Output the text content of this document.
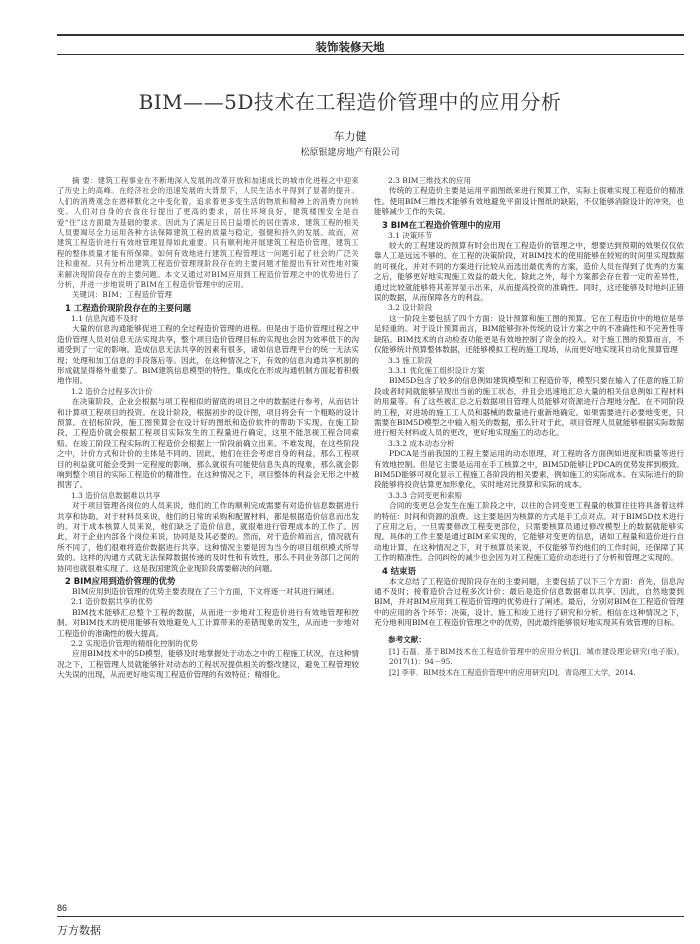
装饰装修天地
BIM——5D技术在工程造价管理中的应用分析
车力健
松原银建房地产有限公司

摘 要：建筑工程事业在不断地深入发展的改革开放和加速成长的城市化进程之中迎来了历史上的高峰。在经济社会的迅速发展的大背景下，人民生活水平得到了显著的提升。人们的消费观念在潜移默化之中变化着，追求着更多变生活的物质和精神上的消费方向转变。人们对自身的衣食住行提出了更高的要求，居住环境良好，建筑楼围安全是自爱“住”这方面最为基础的要求。因此为了满足日民日益增长的居住需求，建筑工程的相关人员要竭尽全力运用各种方法保障建筑工程的质量与稳定，强健和持久的发展。故而，对建筑工程造价进行有效地管理显得如此重要。只有顺利地开展建筑工程造价管理，建筑工程的整体质量才能有所保障。如何有效地进行建筑工程管理这一问题引起了社会的广泛关注和重视。只有分析出建筑工程造价管理现阶段存在的主要问题才能提出有针对性地对策来解决现阶段存在的主要问题。本文又通过对BIM应用到工程造价管理之中的优势进行了分析，并进一步地说明了BIM在工程造价管理中的应用。

关键词：BIM；工程造价管理

1 工程造价现阶段存在的主要问题
1.1 信息沟通不及时

大量的信息沟通能够促进工程的全过程造价管理的进程。但是由于造价管理过程之中造价管理人员对信息无法实现共享，整个项目造价管理目标的实现也会因为效率低下的沟通受到了一定的影响。造成信息无法共享的因素有很多，诸如信息管理平台的统一无法实现；处理和加工信息的手段落后等。因此，在这种情况之下，有效的信息沟通共享机制的形成就显得格外重要了。BIM建筑信息模型的特性，集成化在形成沟通机制方面起着积极地作用。

1.2 造价合过程多次计价

在决策阶段，企业会根据与项工程相似的留底的项目之中的数据进行参考，从而估计和计算项工程项目的投资。在设计阶段，根据初步的设计图，项目将会有一个粗略的设计预算。在招标阶段，施工图预算会在设计好的图纸和造价软件的帮助下实现。在施工阶段，工程造价就会根据工程项目实际发生的工程量进行确定，这里不能忽视工程合同索赔。在竣工阶段工程实际的工程造价会根据上一阶段前确立出来。不难发现，在这些阶段之中，计价方式和计价的主体是不同的，因此，他们在往会考虑自身的利益，那么工程项目的利益就可能会受到一定程度的影响，那么就很有可能使信息失真的现象，那么就会影响到整个项目的实际工程造价的精准性。在这种情况之下，项目整体的利益会无形之中被损害了。

1.3 造价信息数据难以共享

对于项目管理各岗位的人员来说，他们的工作的顺利完成需要有对造价信息数据进行共享和协助。对于材料员来说，他们的日常的采购和配置材料，都是根据造价信息而出发的。对于成本核算人员来说，他们缺乏了造价信息，就很难进行管理成本的工作了。因此，对于企业内部各个岗位来说，协同是及其必要的。然而，对于造价师而言，情况就有所不同了，他们很难将造价数据进行共享。这种情况主要是因为当今的项目组织模式所导致的。这样的沟通方式就无法保障数据传递的及时性和有效性，那么不同业务部门之间的协同也就很难实现了。这是我国建筑企业现阶段需要解决的问题。

2 BIM应用到造价管理的优势

BIM应用到造价管理的优势主要表现在了三个方面，下文将逐一对其进行阐述。

2.1 造价数据共享的优势

BIM技术能够汇总整个工程的数据，从而进一步地对工程造价进行有效地管理和控制。对BIM技术的使用能够有效地避免人工计算带来的差错现象的发生，从而进一步地对工程造价的准确性的极大提高。

2.2 实现造价管理的精细化控制的优势

应用BIM技术中的5D模型，能够及时地掌握处于动态之中的工程施工状况，在这种情况之下，工程管理人员就能够针对动态的工程状况提供相关的整改建议，避免工程管理较大失误的出现，从而更好地实现工程造价管理的有效特征；精细化。

2.3 BIM三维技术的应用

传统的工程造价主要是运用平面图纸来进行预算工作，实际上很难实现工程造价的精准性。使用BIM三维技术能够有效地避免平面设计图纸的缺陷，不仅能够消除设计的冲突，也能够减少工作的失误。

3 BIM在工程造价管理中的应用
3.1 决策环节

较大的工程建设的预算有时会出现在工程造价的管理之中，想要达到预期的效果仅仅依靠人工是远远不够的。在工程的决策阶段，对BIM技术的使用能够在较短的时间里实现数据的可视化，并对不同的方案进行比较从而选出最优秀的方案，造价人员在得到了优秀的方案之后，能够更好地实现施工效益的最大化。除此之外，每个方案都会存在着一定的差异性，通过比较就能够将其差异显示出来，从而提高投资的准确性。同时，这还能够及时地纠正错误的数据，从而保障各方的利益。

3.2 设计阶段

这一阶段主要包括了四个方面：设计预算和施工图的预算。它在工程造价中的地位是举足轻重的。对于设计预算而言，BIM能够弥补传统的设计方案之中的不准确性和不完善性等缺陷。BIM技术的自动检查功能更是有效地控制了资金的投入。对于施工图的预算而言，不仅能够统计预算整体数据，还能够模拟工程的施工现场，从而更好地实现其自动化预算管理

3.3 施工阶段
3.3.1 优化施工组织设计方案

BIM5D包含了较多的信息例如建筑模型和工程造价等，模型只要在输入了任意的施工阶段或者时间就能够呈现出当前的施工状态，并且会迅速地汇总大量的相关信息例如工程材料的用量等。有了这些被汇总之后数据项目管理人员能够对资源进行合理地分配。在不同阶段的工程，对进场的施工工人员和器械的数量进行重新地确定。如果需要进行必要地变更，只需要在BIM5D模型之中输入相关的数据，那么针对于此，项目管理人员就能够根据实际数据进行相关材料或人员的更改，更好地实现施工的动态化。

3.3.2 成本动态分析

PDCA是当前我国的工程主要运用的动态原理，对工程的各方面例如进度和质量等进行有效地控制。但是它主要是运用在手工核算之中，BIM5D能够让PDCA的优势发挥到极致。BIM5D能够可视化显示工程施工各阶段的相关要素，例如施工的实际成本。在实际进行的阶段能够将投资估算更加形象化，实时地对比预算和实际的成本。

3.3.3 合同变更和索赔

合同的变更总会发生在施工阶段之中，以往的合同变更工程量的核算往往将具备着这样的特征：时间和资源的浪费。这主要是因为核算的方式是手工点对点。对于BIM5D技术进行了应用之后，一旦需要修改工程变更部位，只需要核算员通过修改模型上的数据就能够实现。具体的工作主要是通过BIM来实现的，它能够对变更的信息，诸如工程量和造价进行自动地计算，在这种情况之下，对于核算员来说，不仅能够节约他们的工作时间，还保障了其工作的精准性。合同纠纷的减少也会因为对工程施工造价动态进行了分析和管理之实现的。

4 结束语

本文总结了工程造价现阶段存在的主要问题，主要包括了以下三个方面：首先，信息沟通不及时；接着造价合过程多次计价；最后是造价信息数据难以共享。因此，自然地要到BIM，并对BIM应用到工程造价管理的优势进行了阐述。最后，分别对BIM在工程造价管理中的应用的各个环节：决策，设计、施工和竣工进行了研究和分析。相信在这种情况之下，充分地利用BIM在工程造价管理之中的优势，因此最终能够很好地实现其有效管理的目标。

参考文献：

[1] 石磊．基于BIM技术在工程造价管理中的应用分析[J]．城市建设理论研究(电子版)，2017(1)：94－95.

[2] 李菲．BIM技术在工程造价管理中的应用研究[D]．青岛理工大学，2014.

86
万方数据
